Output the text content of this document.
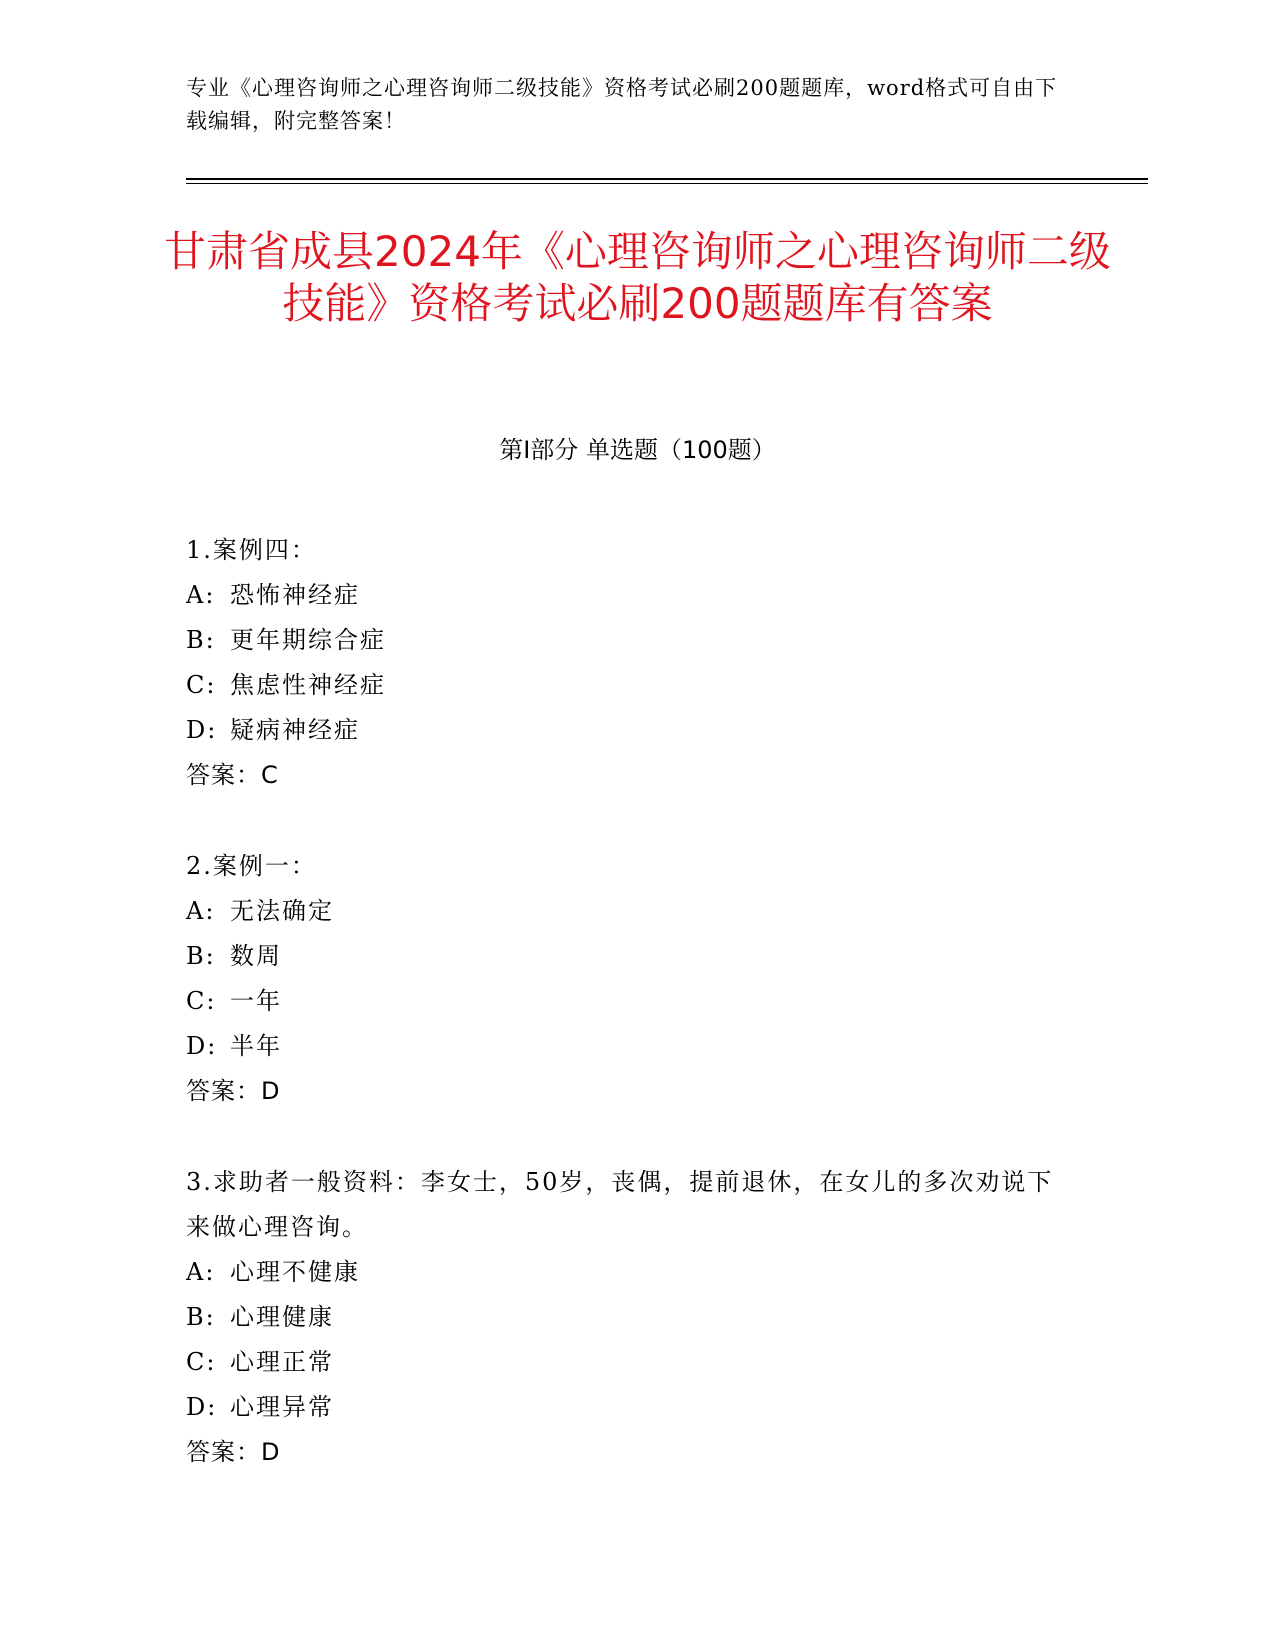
专业《心理咨询师之心理咨询师二级技能》资格考试必刷200题题库，word格式可自由下载编辑，附完整答案！
甘肃省成县2024年《心理咨询师之心理咨询师二级技能》资格考试必刷200题题库有答案
第Ⅰ部分 单选题（100题）
1.案例四：
A: 恐怖神经症
B: 更年期综合症
C: 焦虑性神经症
D: 疑病神经症
答案：C
2.案例一：
A: 无法确定
B: 数周
C: 一年
D: 半年
答案：D
3.求助者一般资料：李女士，50岁，丧偶，提前退休，在女儿的多次劝说下来做心理咨询。
A: 心理不健康
B: 心理健康
C: 心理正常
D: 心理异常
答案：D
